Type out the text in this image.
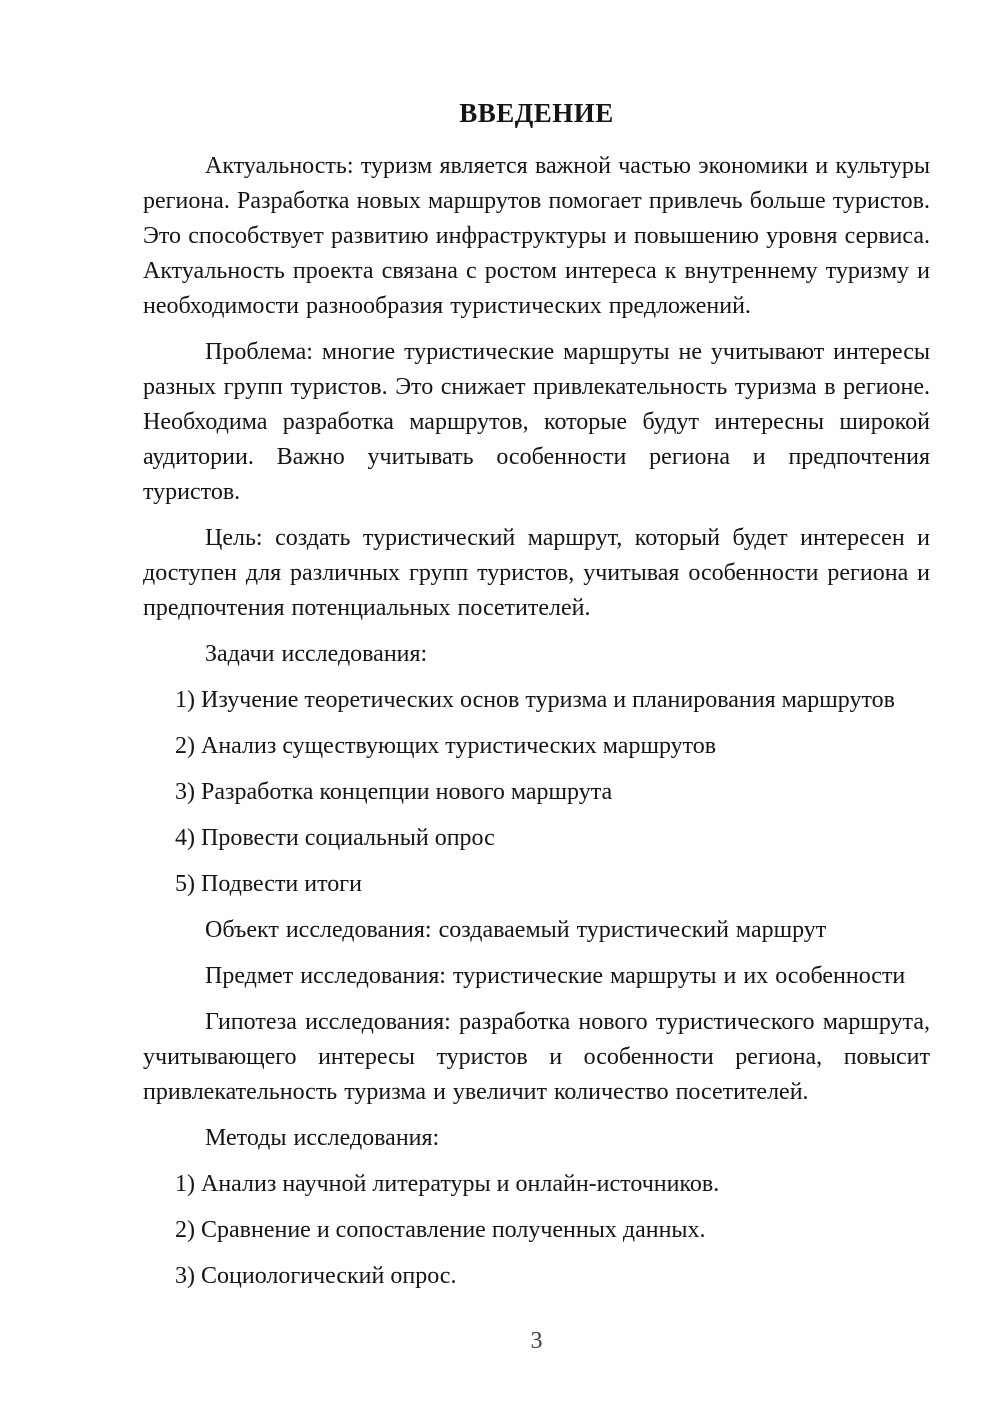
ВВЕДЕНИЕ

Актуальность: туризм является важной частью экономики и культуры региона. Разработка новых маршрутов помогает привлечь больше туристов. Это способствует развитию инфраструктуры и повышению уровня сервиса. Актуальность проекта связана с ростом интереса к внутреннему туризму и необходимости разнообразия туристических предложений.

Проблема: многие туристические маршруты не учитывают интересы разных групп туристов. Это снижает привлекательность туризма в регионе. Необходима разработка маршрутов, которые будут интересны широкой аудитории. Важно учитывать особенности региона и предпочтения туристов.

Цель: создать туристический маршрут, который будет интересен и доступен для различных групп туристов, учитывая особенности региона и предпочтения потенциальных посетителей.

Задачи исследования:

1) Изучение теоретических основ туризма и планирования маршрутов

2) Анализ существующих туристических маршрутов

3) Разработка концепции нового маршрута

4) Провести социальный опрос

5) Подвести итоги

Объект исследования: создаваемый туристический маршрут

Предмет исследования: туристические маршруты и их особенности

Гипотеза исследования: разработка нового туристического маршрута, учитывающего интересы туристов и особенности региона, повысит привлекательность туризма и увеличит количество посетителей.

Методы исследования:

1) Анализ научной литературы и онлайн-источников.

2) Сравнение и сопоставление полученных данных.

3) Социологический опрос.

3
